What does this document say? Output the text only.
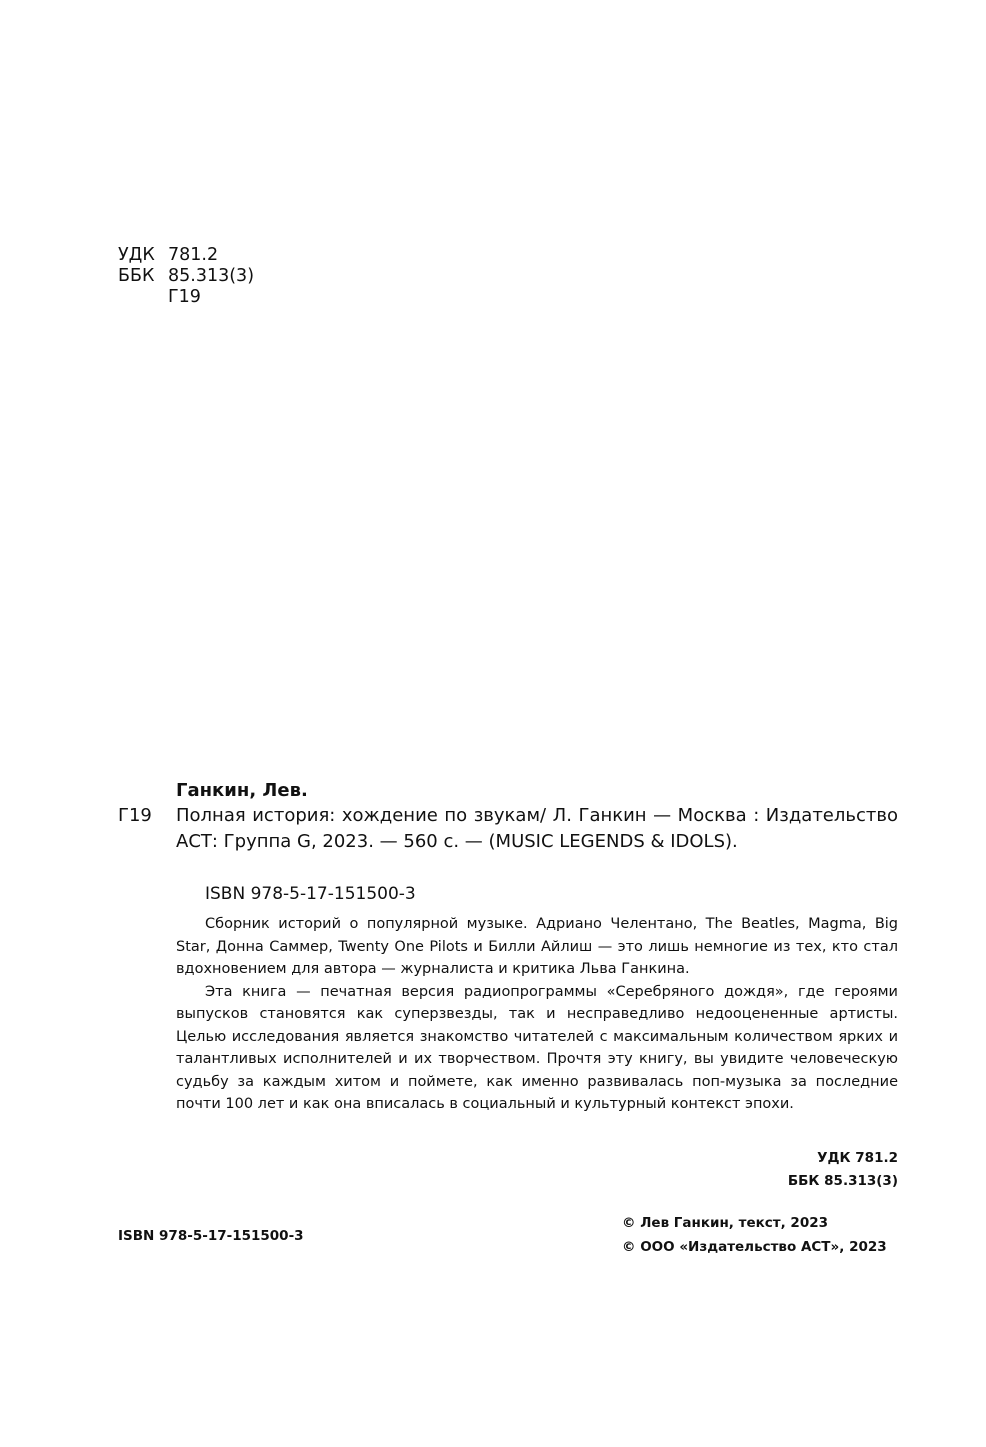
УДК 781.2
ББК 85.313(3)
Г19
Ганкин, Лев.
Г19 Полная история: хождение по звукам/ Л. Ганкин — Москва : Издательство АСТ: Группа G, 2023. — 560 с. — (MUSIC LEGENDS & IDOLS).
ISBN 978-5-17-151500-3

Сборник историй о популярной музыке. Адриано Челентано, The Beatles, Magma, Big Star, Донна Саммер, Twenty One Pilots и Билли Айлиш — это лишь немногие из тех, кто стал вдохновением для автора — журналиста и критика Льва Ганкина.

Эта книга — печатная версия радиопрограммы «Серебряного дождя», где героями выпусков становятся как суперзвезды, так и несправедливо недооцененные артисты. Целью исследования является знакомство читателей с максимальным количеством ярких и талантливых исполнителей и их творчеством. Прочтя эту книгу, вы увидите человеческую судьбу за каждым хитом и поймете, как именно развивалась поп-музыка за последние почти 100 лет и как она вписалась в социальный и культурный контекст эпохи.

УДК 781.2
ББК 85.313(3)
© Лев Ганкин, текст, 2023
© ООО «Издательство АСТ», 2023
ISBN 978-5-17-151500-3
